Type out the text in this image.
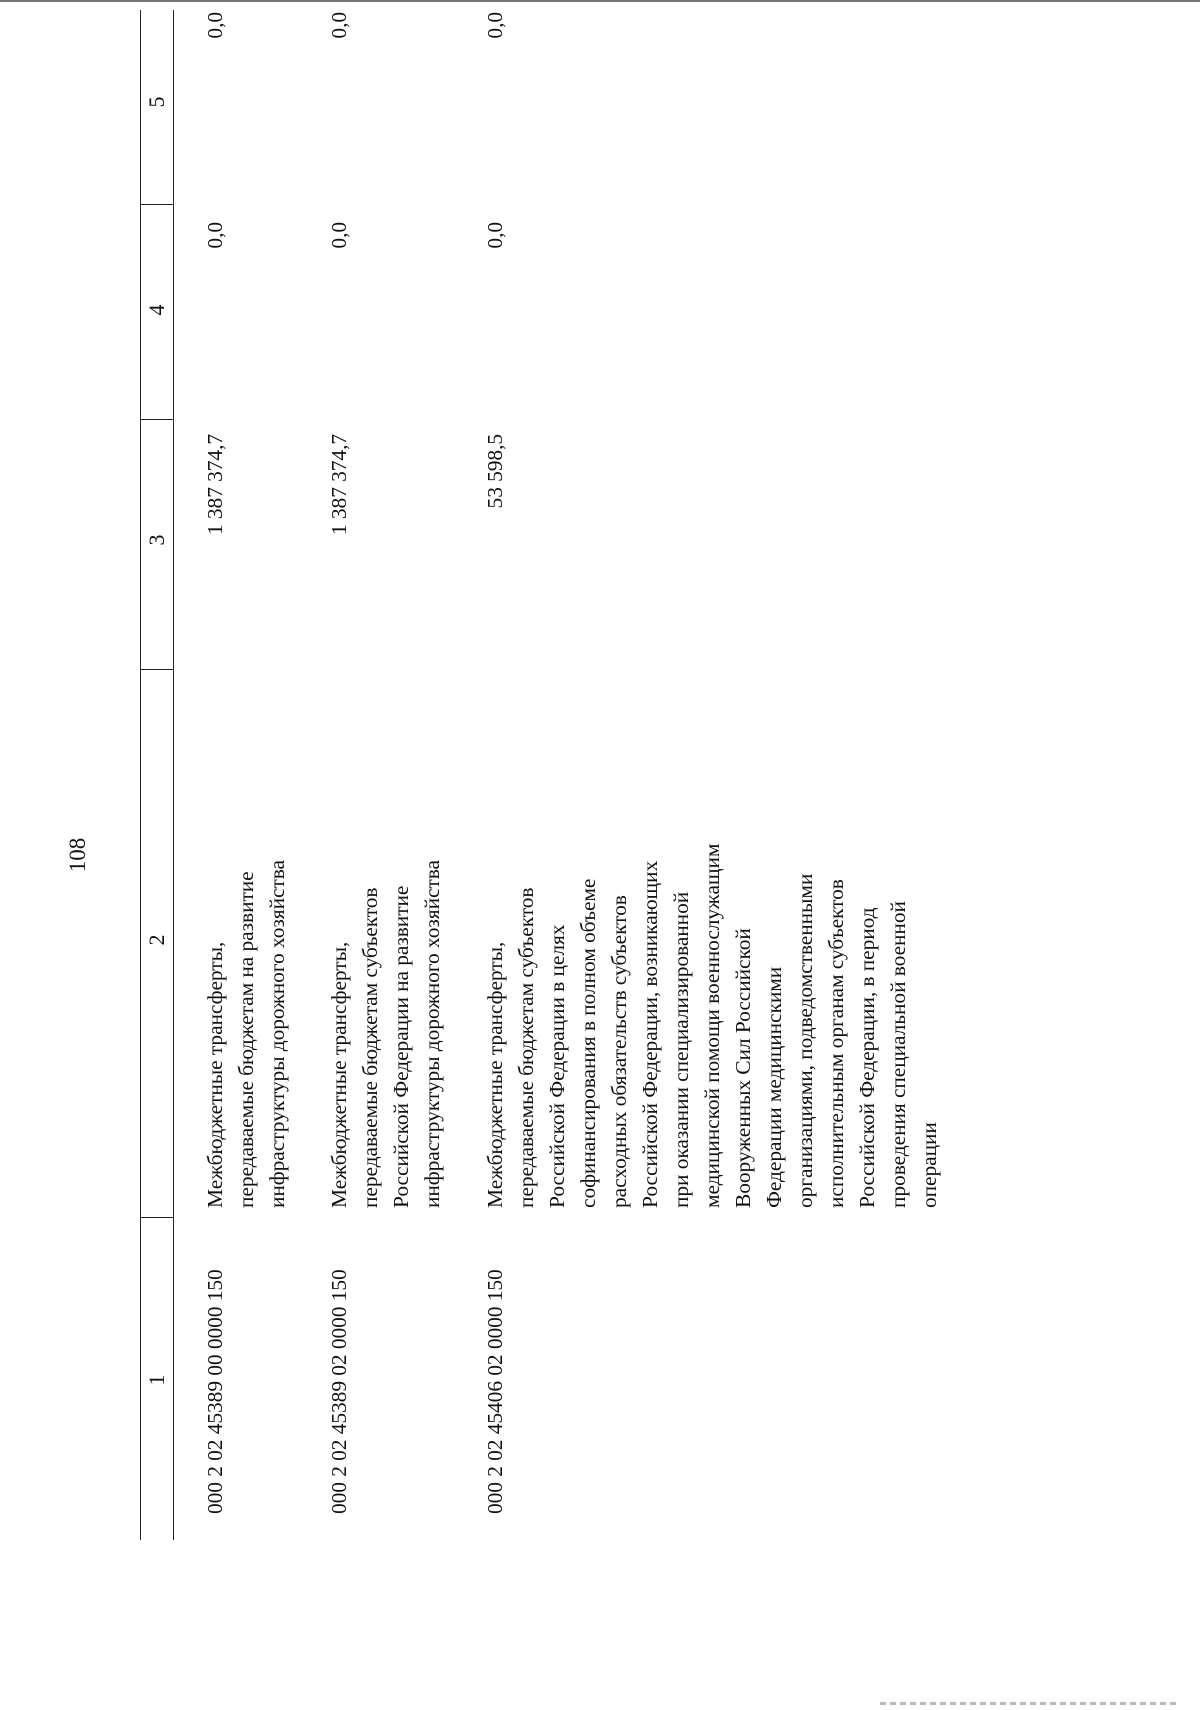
108
1
2
3
4
5
000 2 02 45389 00 0000 150
Межбюджетные трансферты, передаваемые бюджетам на развитие инфраструктуры дорожного хозяйства
1 387 374,7
0,0
0,0
000 2 02 45389 02 0000 150
Межбюджетные трансферты, передаваемые бюджетам субъектов Российской Федерации на развитие инфраструктуры дорожного хозяйства
1 387 374,7
0,0
0,0
000 2 02 45406 02 0000 150
Межбюджетные трансферты, передаваемые бюджетам субъектов Российской Федерации в целях софинансирования в полном объеме расходных обязательств субъектов Российской Федерации, возникающих при оказании специализированной медицинской помощи военнослужащим Вооруженных Сил Российской Федерации медицинскими организациями, подведомственными исполнительным органам субъектов Российской Федерации, в период проведения специальной военной операции
53 598,5
0,0
0,0
